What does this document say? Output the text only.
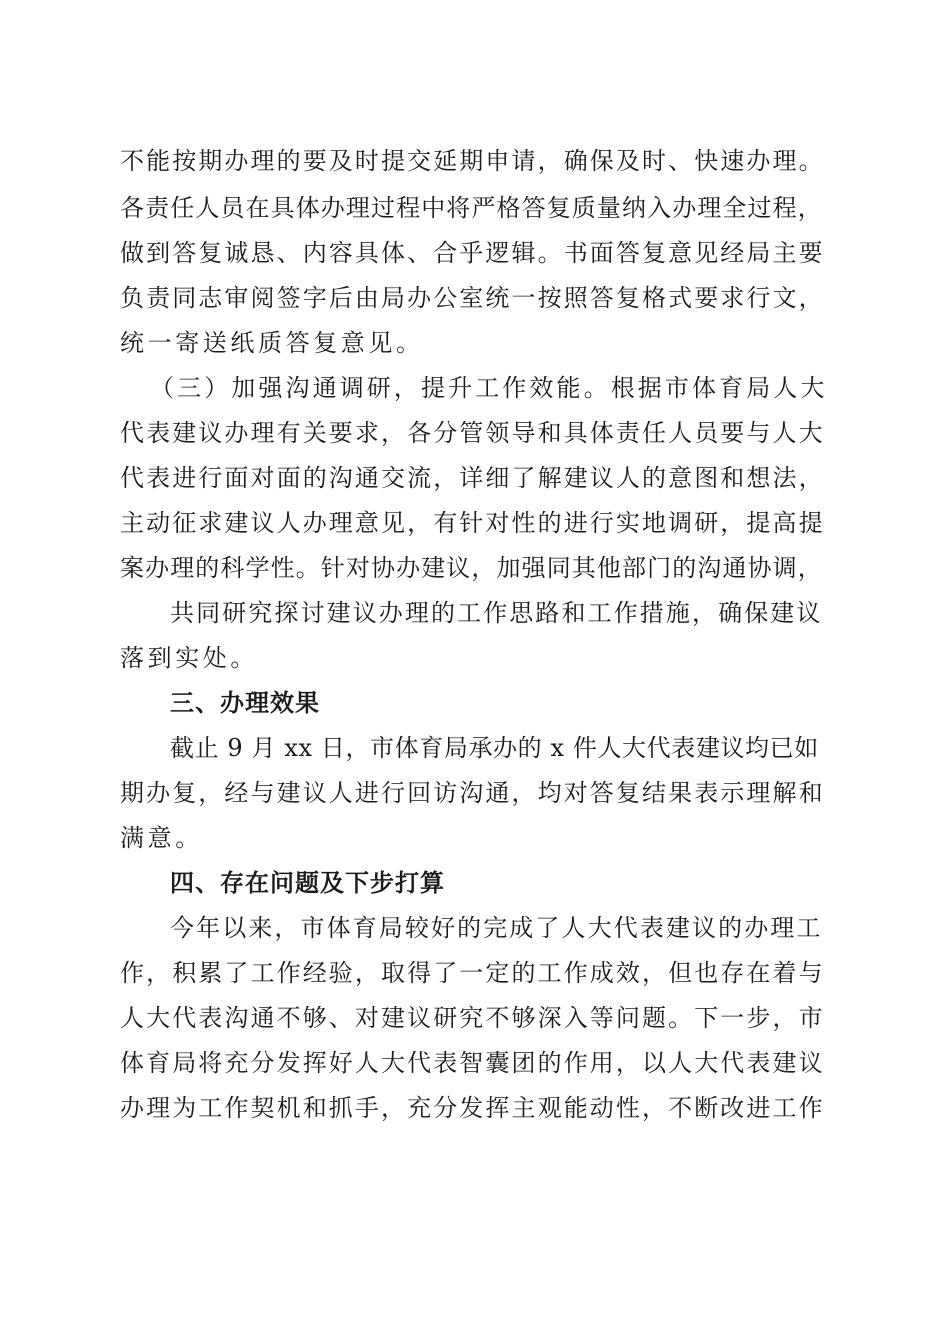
不能按期办理的要及时提交延期申请，确保及时、快速办理。
各责任人员在具体办理过程中将严格答复质量纳入办理全过程，
做到答复诚恳、内容具体、合乎逻辑。书面答复意见经局主要
负责同志审阅签字后由局办公室统一按照答复格式要求行文，
统一寄送纸质答复意见。
（三）加强沟通调研，提升工作效能。根据市体育局人大
代表建议办理有关要求，各分管领导和具体责任人员要与人大
代表进行面对面的沟通交流，详细了解建议人的意图和想法，
主动征求建议人办理意见，有针对性的进行实地调研，提高提
案办理的科学性。针对协办建议，加强同其他部门的沟通协调，
共同研究探讨建议办理的工作思路和工作措施，确保建议
落到实处。
三、办理效果
截止 9 月 xx 日，市体育局承办的 x 件人大代表建议均已如
期办复，经与建议人进行回访沟通，均对答复结果表示理解和
满意。
四、存在问题及下步打算
今年以来，市体育局较好的完成了人大代表建议的办理工
作，积累了工作经验，取得了一定的工作成效，但也存在着与
人大代表沟通不够、对建议研究不够深入等问题。下一步，市
体育局将充分发挥好人大代表智囊团的作用，以人大代表建议
办理为工作契机和抓手，充分发挥主观能动性，不断改进工作
